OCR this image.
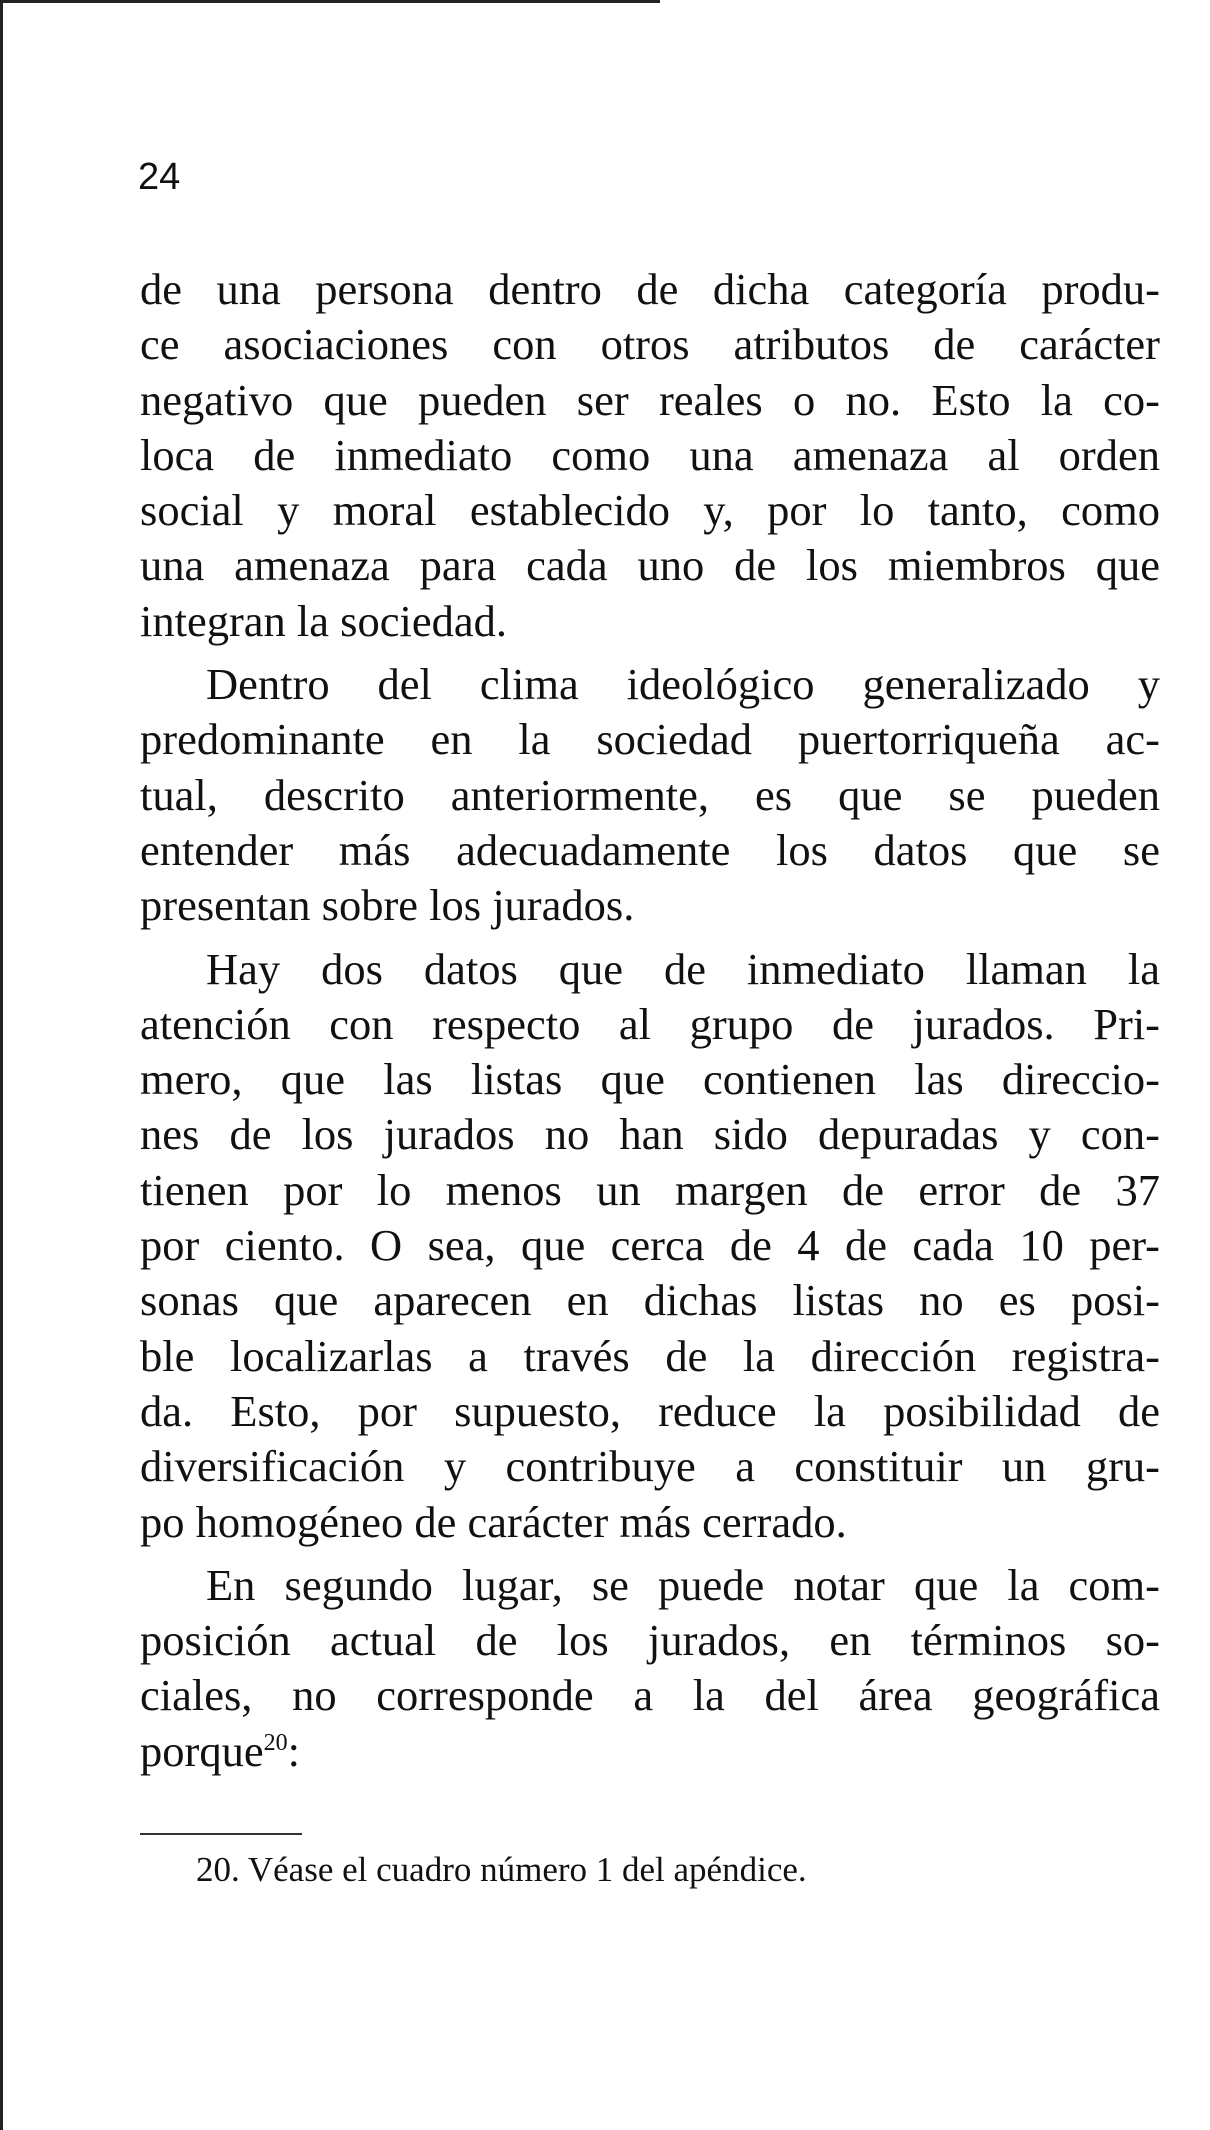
24

de una persona dentro de dicha categoría produ-
ce asociaciones con otros atributos de carácter
negativo que pueden ser reales o no. Esto la co-
loca de inmediato como una amenaza al orden
social y moral establecido y, por lo tanto, como
una amenaza para cada uno de los miembros que
integran la sociedad.
Dentro del clima ideológico generalizado y
predominante en la sociedad puertorriqueña ac-
tual, descrito anteriormente, es que se pueden
entender más adecuadamente los datos que se
presentan sobre los jurados.
Hay dos datos que de inmediato llaman la
atención con respecto al grupo de jurados. Pri-
mero, que las listas que contienen las direccio-
nes de los jurados no han sido depuradas y con-
tienen por lo menos un margen de error de 37
por ciento. O sea, que cerca de 4 de cada 10 per-
sonas que aparecen en dichas listas no es posi-
ble localizarlas a través de la dirección registra-
da. Esto, por supuesto, reduce la posibilidad de
diversificación y contribuye a constituir un gru-
po homogéneo de carácter más cerrado.
En segundo lugar, se puede notar que la com-
posición actual de los jurados, en términos so-
ciales, no corresponde a la del área geográfica
porque$^{20}$:

20. Véase el cuadro número 1 del apéndice.
